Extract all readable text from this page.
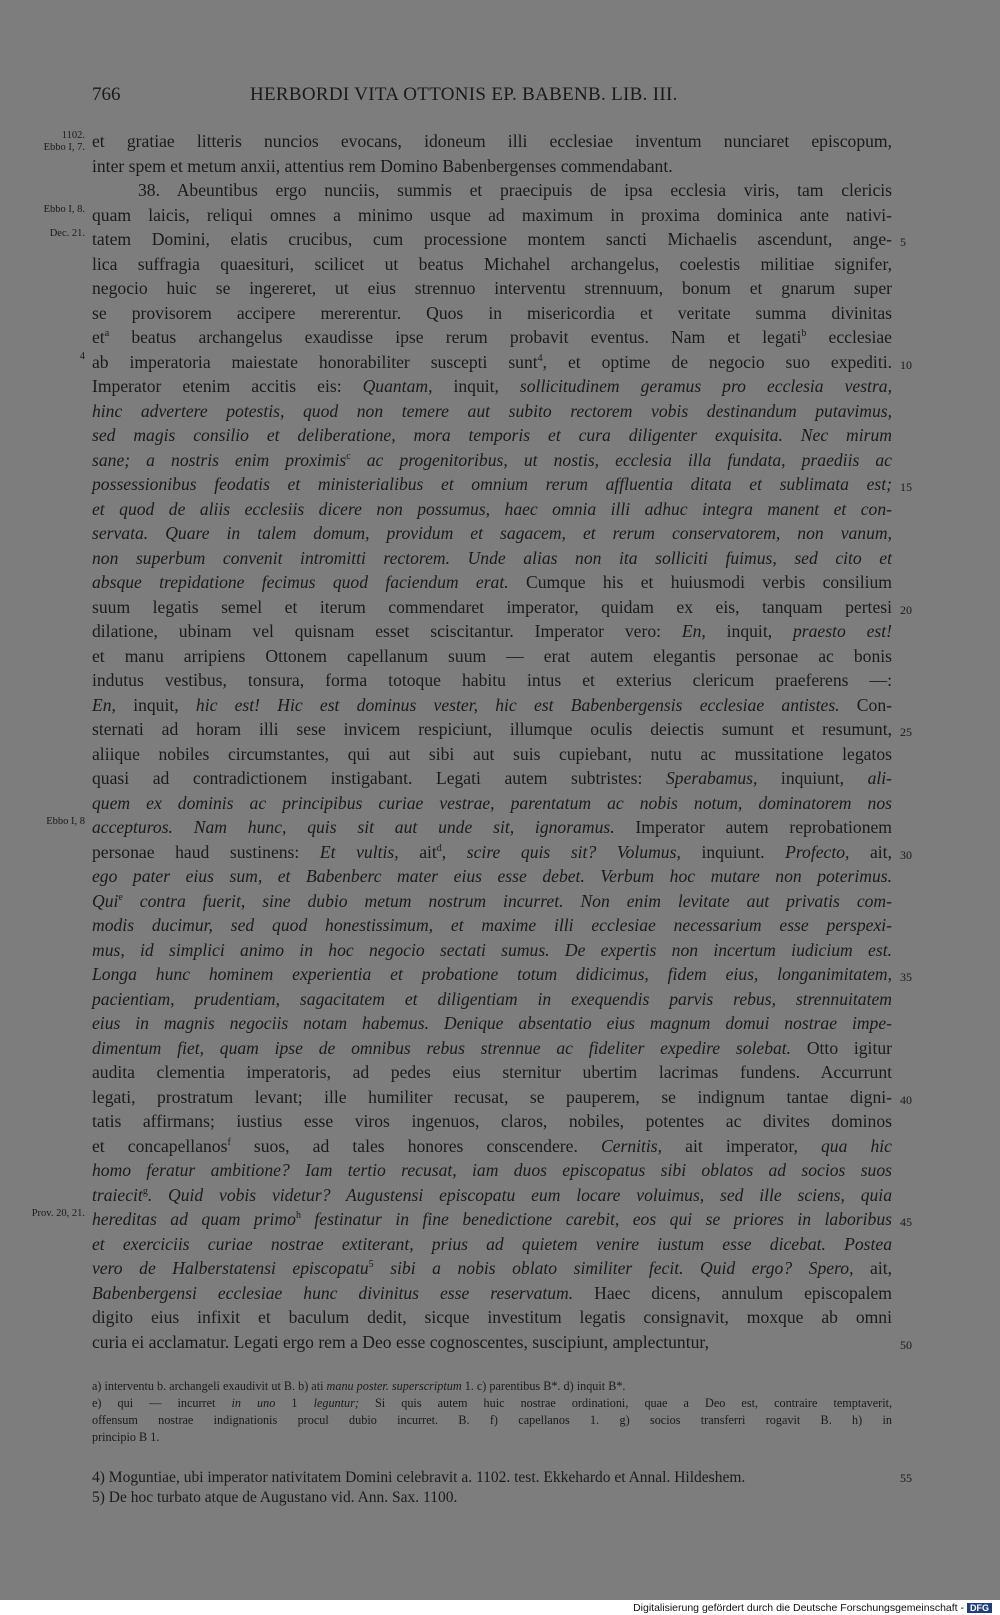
766	HERBORDI VITA OTTONIS EP. BABENB. LIB. III.
1102.
Ebbo I, 7. et gratiae litteris nuncios evocans, idoneum illi ecclesiae inventum nunciaret episcopum,
inter spem et metum anxii, attentius rem Domino Babenbergenses commendabant.
38. Abeuntibus ergo nunciis, summis et praecipuis de ipsa ecclesia viris, tam clericis
Ebbo I, 8. quam laicis, reliqui omnes a minimo usque ad maximum in proxima dominica ante nativi-
Dec. 21.
5
tatem Domini, elatis crucibus, cum processione montem sancti Michaelis ascendunt, ange-
lica suffragia quaesituri, scilicet ut beatus Michahel archangelus, coelestis militiae signifer,
negocio huic se ingereret, ut eius strennuo interventu strennuum, bonum et gnarum super
se provisorem accipere mererentur. Quos in misericordia et veritate summa divinitas
$et^a$ beatus archangelus exaudisse ipse rerum probavit eventus. Nam et legati$^b$ ecclesiae
4
10
ab imperatoria maiestate honorabiliter suscepti sunt$^4$, et optime de negocio suo expediti.
Imperator etenim accitis eis: Quantam, inquit, sollicitudinem geramus pro ecclesia vestra,
hinc advertere potestis, quod non temere aut subito rectorem vobis destinandum putavimus,
sed magis consilio et deliberatione, mora temporis et cura diligenter exquisita. Nec mirum
sane; a nostris enim proximis$^c$ ac progenitoribus, ut nostis, ecclesia illa fundata, praediis ac
15
possessionibus feodatis et ministerialibus et omnium rerum affluentia ditata et sublimata est;
et quod de aliis ecclesiis dicere non possumus, haec omnia illi adhuc integra manent et con-
servata. Quare in talem domum, providum et sagacem, et rerum conservatorem, non vanum,
non superbum convenit intromitti rectorem. Unde alias non ita solliciti fuimus, sed cito et
absque trepidatione fecimus quod faciendum erat. Cumque his et huiusmodi verbis consilium
20
suum legatis semel et iterum commendaret imperator, quidam ex eis, tanquam pertesi
dilatione, ubinam vel quisnam esset sciscitantur. Imperator vero: En, inquit, praesto est!
et manu arripiens Ottonem capellanum suum — erat autem elegantis personae ac bonis
indutus vestibus, tonsura, forma totoque habitu intus et exterius clericum praeferens —:
En, inquit, hic est! Hic est dominus vester, hic est Babenbergensis ecclesiae antistes. Con-
25
sternati ad horam illi sese invicem respiciunt, illumque oculis deiectis sumunt et resumunt,
aliique nobiles circumstantes, qui aut sibi aut suis cupiebant, nutu ac mussitatione legatos
quasi ad contradictionem instigabant. Legati autem subtristes: Sperabamus, inquiunt, ali-
quem ex dominis ac principibus curiae vestrae, parentatum ac nobis notum, dominatorem nos
Ebbo I, 8 accepturos. Nam hunc, quis sit aut unde sit, ignoramus. Imperator autem reprobationem
30
personae haud sustinens: Et vultis, ait$^d$, scire quis sit? Volumus, inquiunt. Profecto, ait,
ego pater eius sum, et Babenberc mater eius esse debet. Verbum hoc mutare non poterimus.
Qui$^e$ contra fuerit, sine dubio metum nostrum incurret. Non enim levitate aut privatis com-
modis ducimur, sed quod honestissimum, et maxime illi ecclesiae necessarium esse perspexi-
mus, id simplici animo in hoc negocio sectati sumus. De expertis non incertum iudicium est.
35
Longa hunc hominem experientia et probatione totum didicimus, fidem eius, longanimitatem,
pacientiam, prudentiam, sagacitatem et diligentiam in exequendis parvis rebus, strennuitatem
eius in magnis negociis notam habemus. Denique absentatio eius magnum domui nostrae impe-
dimentum fiet, quam ipse de omnibus rebus strennue ac fideliter expedire solebat. Otto igitur
audita clementia imperatoris, ad pedes eius sternitur ubertim lacrimas fundens. Accurrunt
40
legati, prostratum levant; ille humiliter recusat, se pauperem, se indignum tantae digni-
tatis affirmans; iustius esse viros ingenuos, claros, nobiles, potentes ac divites dominos
et concapellanos$^f$ suos, ad tales honores conscendere. Cernitis, ait imperator, qua hic
homo feratur ambitione? Iam tertio recusat, iam duos episcopatus sibi oblatos ad socios suos
traiecit$^g$. Quid vobis videtur? Augustensi episcopatu eum locare voluimus, sed ille sciens, quia
Prov. 20, 21.
45
hereditas ad quam primo$^h$ festinatur in fine benedictione carebit, eos qui se priores in laboribus
et exerciciis curiae nostrae extiterant, prius ad quietem venire iustum esse dicebat. Postea
vero de Halberstatensi episcopatu$^5$ sibi a nobis oblato similiter fecit. Quid ergo? Spero, ait,
Babenbergensi ecclesiae hunc divinitus esse reservatum. Haec dicens, annulum episcopalem
digito eius infixit et baculum dedit, sicque investitum legatis consignavit, moxque ab omni
50
curia ei acclamatur. Legati ergo rem a Deo esse cognoscentes, suscipiunt, amplectuntur,
a) interventu b. archangeli exaudivit ut B. b) ati manu poster. superscriptum 1. c) parentibus B*. d) inquit B*.
e) qui — incurret in uno 1 leguntur; Si quis autem huic nostrae ordinationi, quae a Deo est, contraire temptaverit,
offensum nostrae indignationis procul dubio incurret. B. f) capellanos 1. g) socios transferri rogavit B. h) in
principio B 1.
55
4) Moguntiae, ubi imperator nativitatem Domini celebravit a. 1102. test. Ekkehardo et Annal. Hildeshem.
5) De hoc turbato atque de Augustano vid. Ann. Sax. 1100.
Digitalisierung gefördert durch die Deutsche Forschungsgemeinschaft - DFG
